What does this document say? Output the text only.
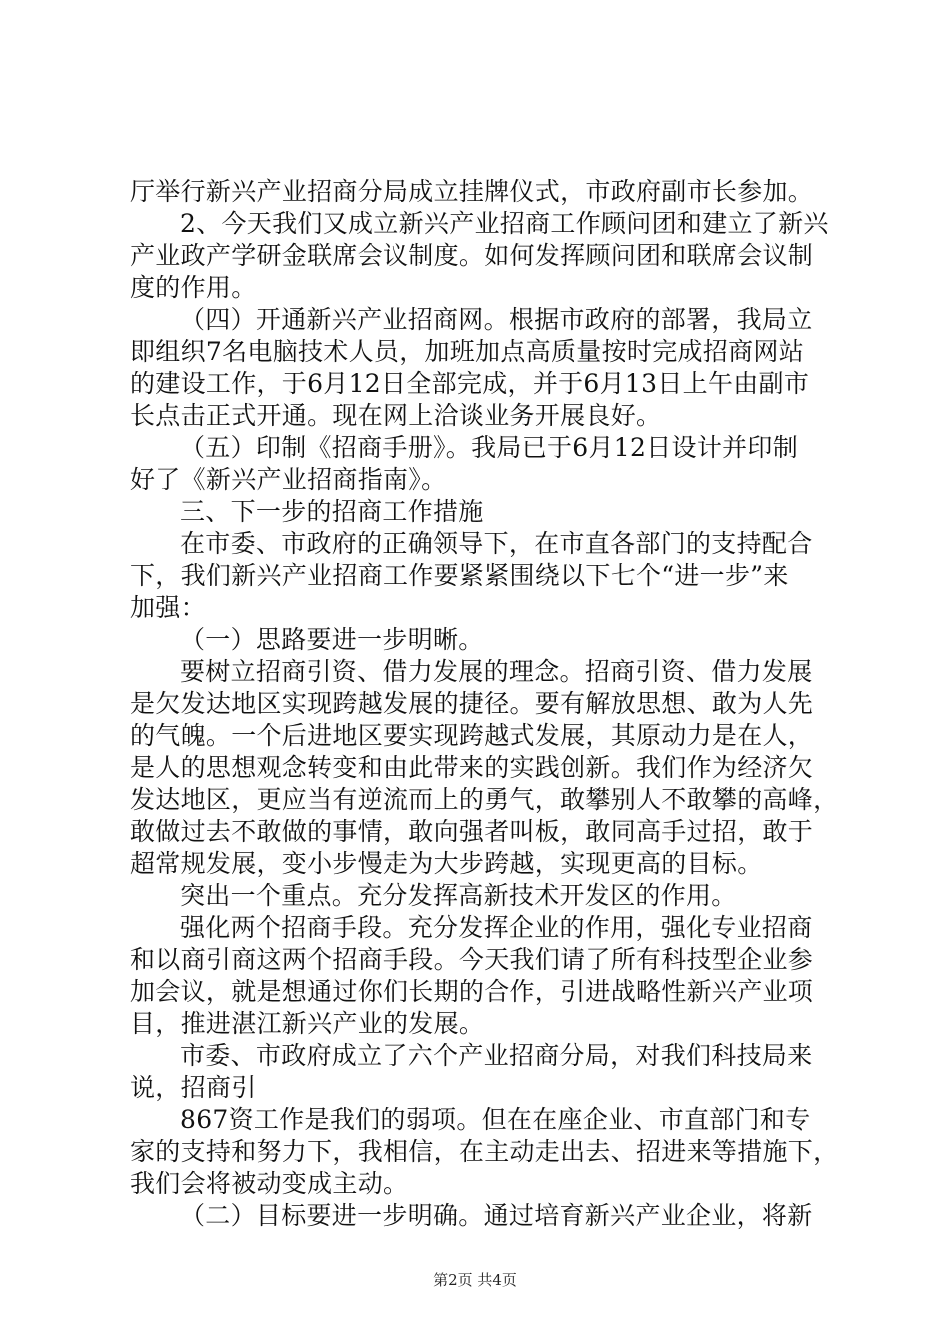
厅举行新兴产业招商分局成立挂牌仪式，市政府副市长参加。
2、今天我们又成立新兴产业招商工作顾问团和建立了新兴
产业政产学研金联席会议制度。如何发挥顾问团和联席会议制
度的作用。
（四）开通新兴产业招商网。根据市政府的部署，我局立
即组织7名电脑技术人员，加班加点高质量按时完成招商网站
的建设工作，于6月12日全部完成，并于6月13日上午由副市
长点击正式开通。现在网上洽谈业务开展良好。
（五）印制《招商手册》。我局已于6月12日设计并印制
好了《新兴产业招商指南》。
三、下一步的招商工作措施
在市委、市政府的正确领导下，在市直各部门的支持配合
下，我们新兴产业招商工作要紧紧围绕以下七个“进一步”来
加强：
（一）思路要进一步明晰。
要树立招商引资、借力发展的理念。招商引资、借力发展
是欠发达地区实现跨越发展的捷径。要有解放思想、敢为人先
的气魄。一个后进地区要实现跨越式发展，其原动力是在人，
是人的思想观念转变和由此带来的实践创新。我们作为经济欠
发达地区，更应当有逆流而上的勇气，敢攀别人不敢攀的高峰，
敢做过去不敢做的事情，敢向强者叫板，敢同高手过招，敢于
超常规发展，变小步慢走为大步跨越，实现更高的目标。
突出一个重点。充分发挥高新技术开发区的作用。
强化两个招商手段。充分发挥企业的作用，强化专业招商
和以商引商这两个招商手段。今天我们请了所有科技型企业参
加会议，就是想通过你们长期的合作，引进战略性新兴产业项
目，推进湛江新兴产业的发展。
市委、市政府成立了六个产业招商分局，对我们科技局来
说，招商引
867资工作是我们的弱项。但在在座企业、市直部门和专
家的支持和努力下，我相信，在主动走出去、招进来等措施下，
我们会将被动变成主动。
（二）目标要进一步明确。通过培育新兴产业企业，将新
第2页 共4页
